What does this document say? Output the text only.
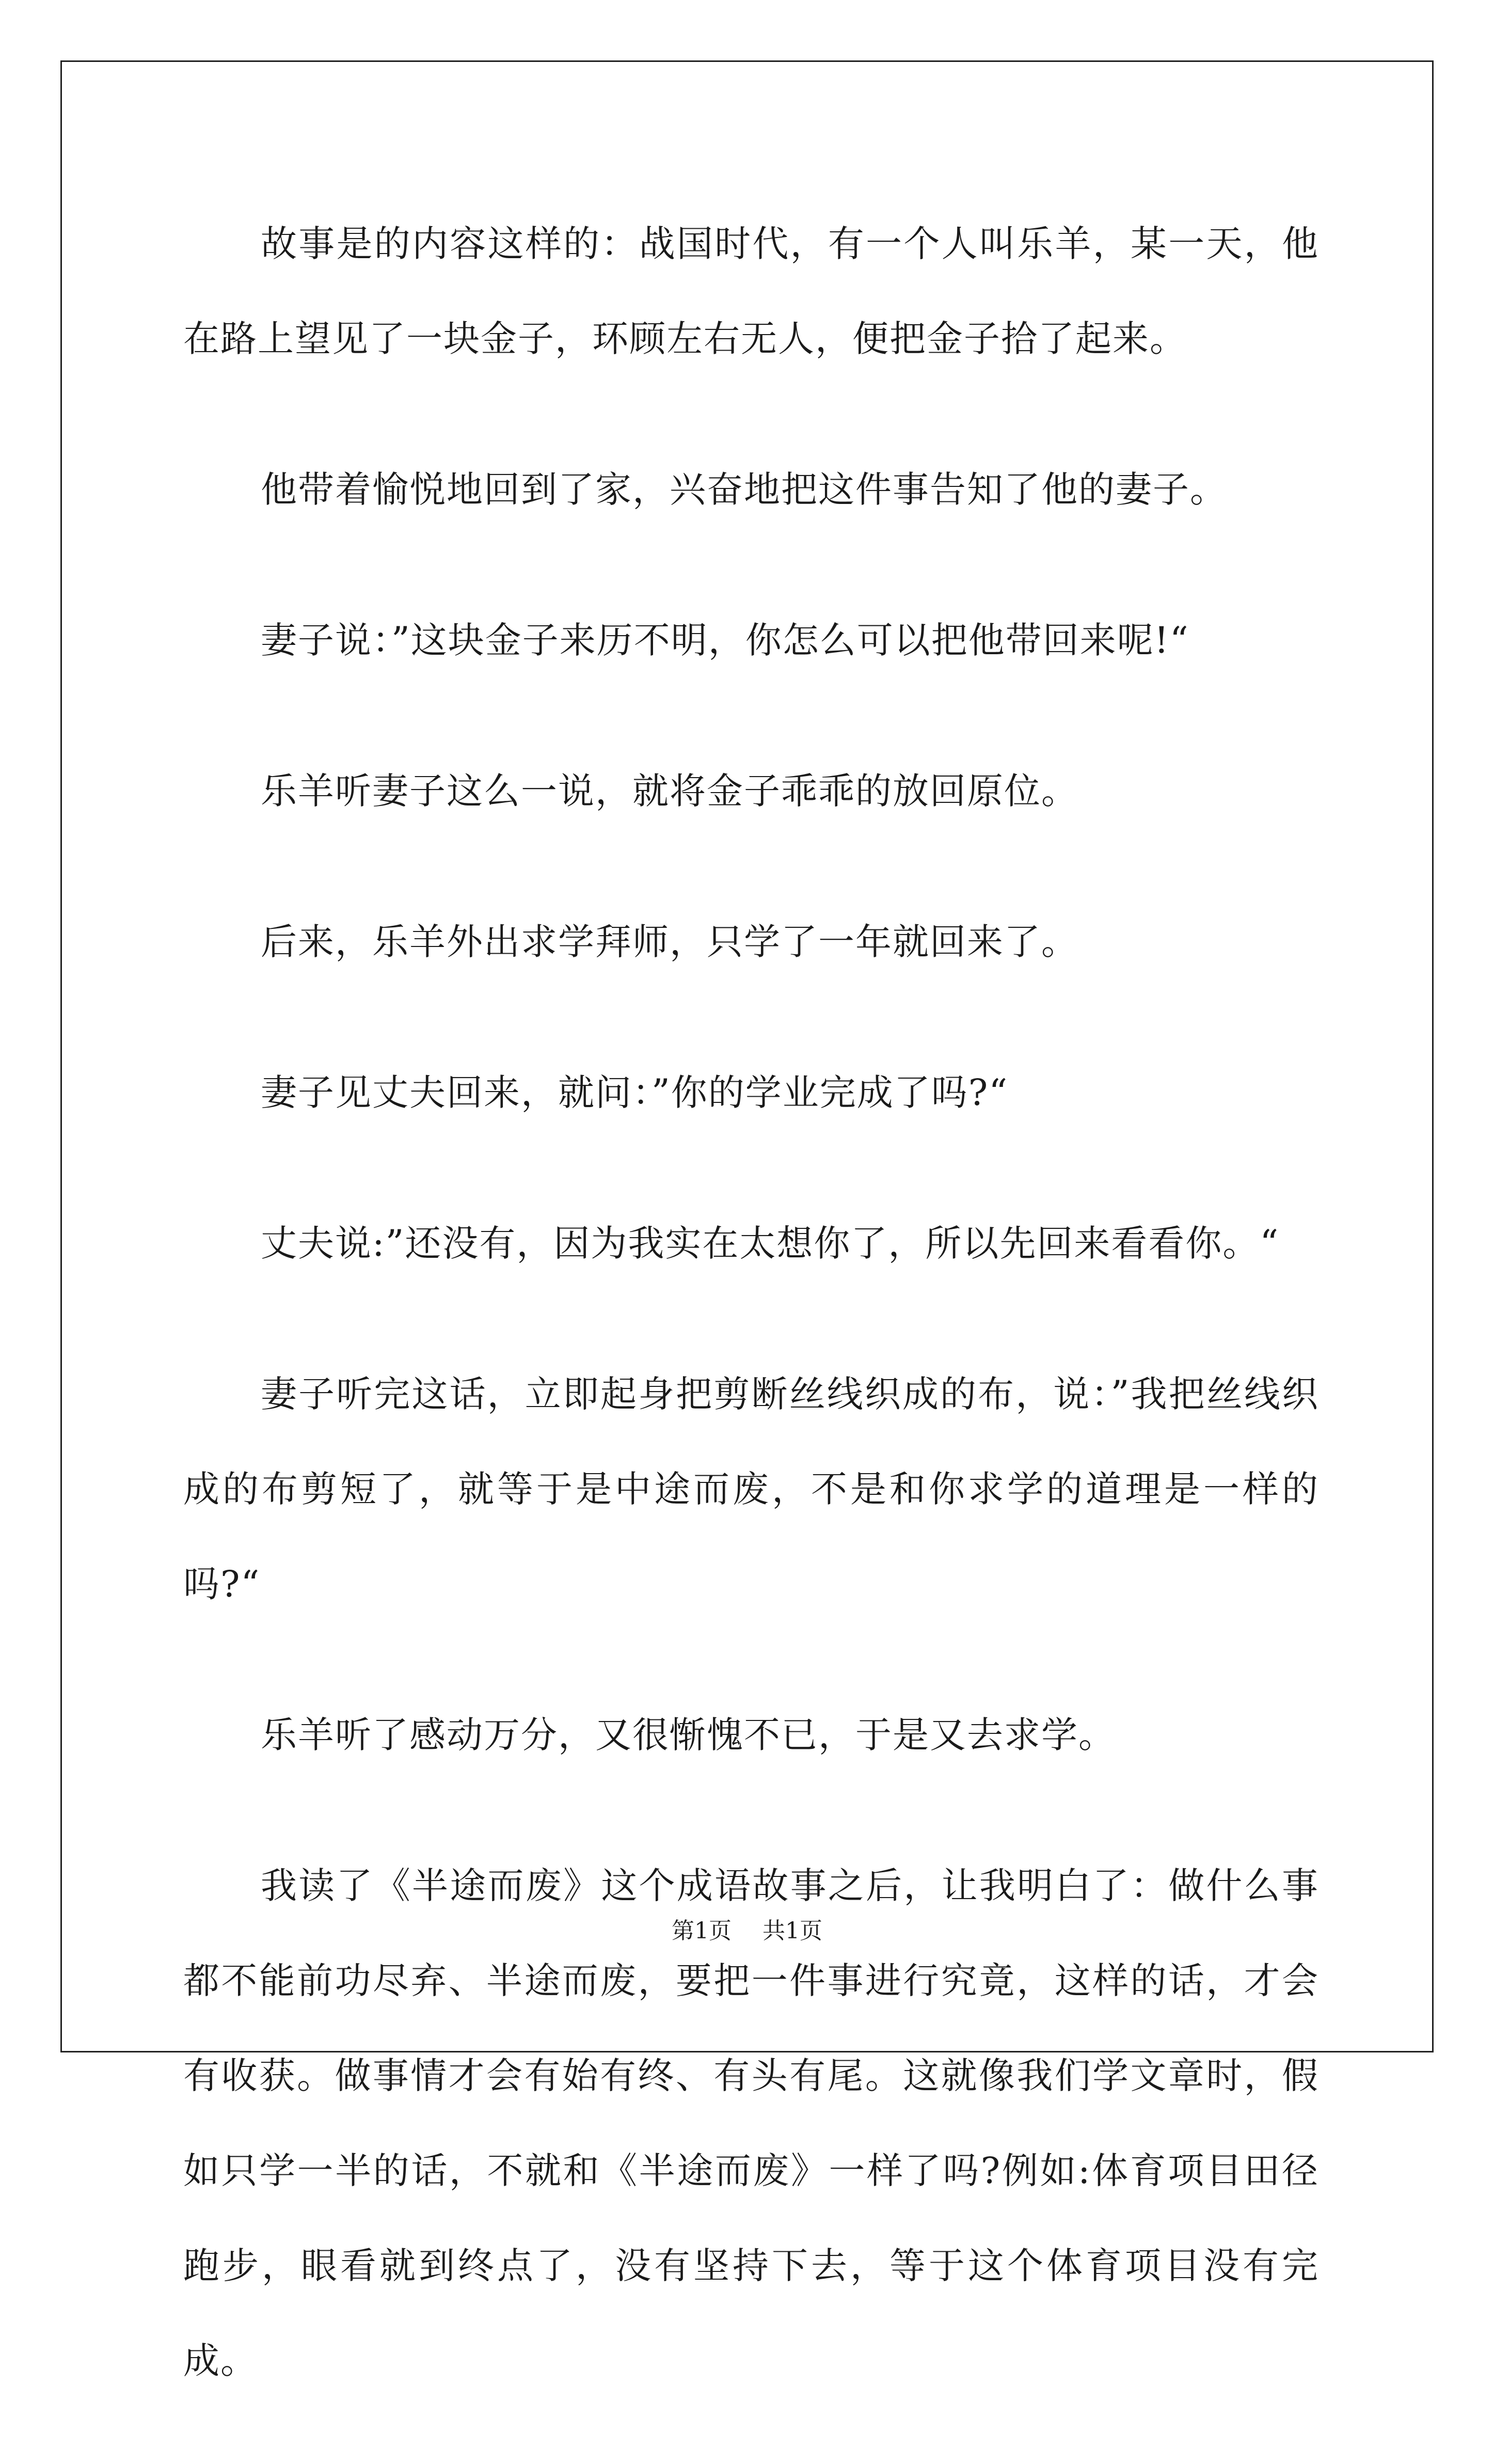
故事是的内容这样的：战国时代，有一个人叫乐羊，某一天，他在路上望见了一块金子，环顾左右无人，便把金子拾了起来。

他带着愉悦地回到了家，兴奋地把这件事告知了他的妻子。

妻子说：”这块金子来历不明，你怎么可以把他带回来呢!“

乐羊听妻子这么一说，就将金子乖乖的放回原位。

后来，乐羊外出求学拜师，只学了一年就回来了。

妻子见丈夫回来，就问：”你的学业完成了吗?“

丈夫说:”还没有，因为我实在太想你了，所以先回来看看你。“

妻子听完这话，立即起身把剪断丝线织成的布，说：”我把丝线织成的布剪短了，就等于是中途而废，不是和你求学的道理是一样的吗?“

乐羊听了感动万分，又很惭愧不已，于是又去求学。

我读了《半途而废》这个成语故事之后，让我明白了：做什么事都不能前功尽弃、半途而废，要把一件事进行究竟，这样的话，才会有收获。做事情才会有始有终、有头有尾。这就像我们学文章时，假如只学一半的话，不就和《半途而废》一样了吗?例如:体育项目田径跑步，眼看就到终点了，没有坚持下去，等于这个体育项目没有完成。

第1页 共1页
